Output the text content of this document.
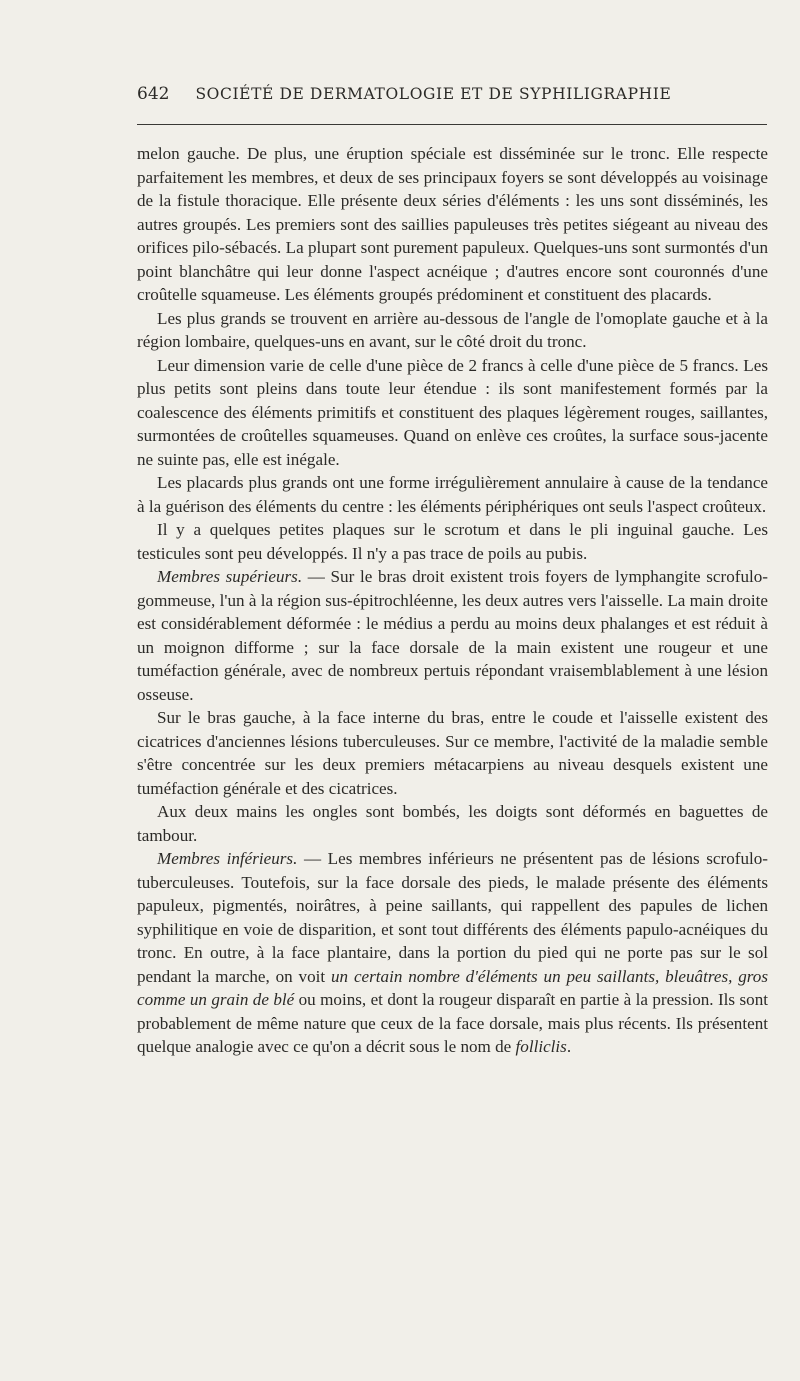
642 SOCIÉTÉ DE DERMATOLOGIE ET DE SYPHILIGRAPHIE

melon gauche. De plus, une éruption spéciale est disséminée sur le tronc. Elle respecte parfaitement les membres, et deux de ses principaux foyers se sont développés au voisinage de la fistule thoracique. Elle présente deux séries d'éléments : les uns sont disséminés, les autres groupés. Les premiers sont des saillies papuleuses très petites siégeant au niveau des orifices pilo-sébacés. La plupart sont purement papuleux. Quelques-uns sont surmontés d'un point blanchâtre qui leur donne l'aspect acnéique ; d'autres encore sont couronnés d'une croûtelle squameuse. Les éléments groupés prédominent et constituent des placards.

Les plus grands se trouvent en arrière au-dessous de l'angle de l'omoplate gauche et à la région lombaire, quelques-uns en avant, sur le côté droit du tronc.

Leur dimension varie de celle d'une pièce de 2 francs à celle d'une pièce de 5 francs. Les plus petits sont pleins dans toute leur étendue : ils sont manifestement formés par la coalescence des éléments primitifs et constituent des plaques légèrement rouges, saillantes, surmontées de croûtelles squameuses. Quand on enlève ces croûtes, la surface sous-jacente ne suinte pas, elle est inégale.

Les placards plus grands ont une forme irrégulièrement annulaire à cause de la tendance à la guérison des éléments du centre : les éléments périphériques ont seuls l'aspect croûteux.

Il y a quelques petites plaques sur le scrotum et dans le pli inguinal gauche. Les testicules sont peu développés. Il n'y a pas trace de poils au pubis.

Membres supérieurs. — Sur le bras droit existent trois foyers de lymphangite scrofulo-gommeuse, l'un à la région sus-épitrochléenne, les deux autres vers l'aisselle. La main droite est considérablement déformée : le médius a perdu au moins deux phalanges et est réduit à un moignon difforme ; sur la face dorsale de la main existent une rougeur et une tuméfaction générale, avec de nombreux pertuis répondant vraisemblablement à une lésion osseuse.

Sur le bras gauche, à la face interne du bras, entre le coude et l'aisselle existent des cicatrices d'anciennes lésions tuberculeuses. Sur ce membre, l'activité de la maladie semble s'être concentrée sur les deux premiers métacarpiens au niveau desquels existent une tuméfaction générale et des cicatrices.

Aux deux mains les ongles sont bombés, les doigts sont déformés en baguettes de tambour.

Membres inférieurs. — Les membres inférieurs ne présentent pas de lésions scrofulo-tuberculeuses. Toutefois, sur la face dorsale des pieds, le malade présente des éléments papuleux, pigmentés, noirâtres, à peine saillants, qui rappellent des papules de lichen syphilitique en voie de disparition, et sont tout différents des éléments papulo-acnéiques du tronc. En outre, à la face plantaire, dans la portion du pied qui ne porte pas sur le sol pendant la marche, on voit un certain nombre d'éléments un peu saillants, bleuâtres, gros comme un grain de blé ou moins, et dont la rougeur disparaît en partie à la pression. Ils sont probablement de même nature que ceux de la face dorsale, mais plus récents. Ils présentent quelque analogie avec ce qu'on a décrit sous le nom de folliclis.
